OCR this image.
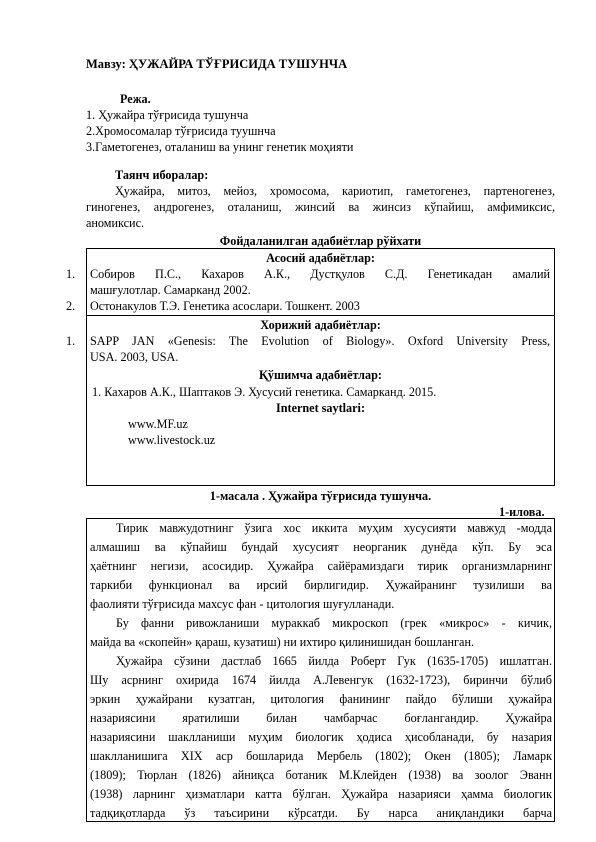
Мавзу: ҲУЖАЙРА ТЎҒРИСИДА ТУШУНЧА
Режа.
1. Ҳужайра тўғрисида тушунча
2.Хромосомалар тўғрисида туушнча
3.Гаметогенез, оталаниш ва унинг генетик моҳияти
Таянч иборалар:
Ҳужайра, митоз, мейоз, хромосома, кариотип, гаметогенез, партеногенез,
гиногенез, андрогенез, оталаниш, жинсий ва жинсиз кўпайиш, амфимиксис,
аномиксис.
Фойдаланилган адабиётлар рўйхати
Асосий адабиётлар:
1. Собиров П.С., Кахаров А.К., Дустқулов С.Д. Генетикадан амалий
машғулотлар. Самарканд 2002.
2. Остонакулов Т.Э. Генетика асослари. Тошкент. 2003
Хорижий адабиётлар:
1. SAPP JAN «Genesis: The Evolution of Biology». Oxford University Press,
USA. 2003, USA.
Қўшимча адабиётлар:
1. Кахаров А.К., Шаптаков Э. Хусусий генетика. Самарканд. 2015.
Internet saytlari:
www.MF.uz
www.livestock.uz
1-масала . Ҳужайра тўғрисида тушунча.
1-илова.
Тирик мавжудотнинг ўзига хос иккита муҳим хусусияти мавжуд -модда
алмашиш ва кўпайиш бундай хусусият неорганик дунёда кўп. Бу эса
ҳаётнинг негизи, асосидир. Ҳужайра сайёрамиздаги тирик организмларнинг
таркиби функционал ва ирсий бирлигидир. Ҳужайранинг тузилиши ва
фаолияти тўғрисида махсус фан - цитология шуғулланади.
Бу фанни ривожланиши мураккаб микроскоп (грек «микрос» - кичик,
майда ва «скопейн» қараш, кузатиш) ни ихтиро қилинишидан бошланган.
Ҳужайра сўзини дастлаб 1665 йилда Роберт Гук (1635-1705) ишлатган.
Шу асрнинг охирида 1674 йилда А.Левенгук (1632-1723), биринчи бўлиб
эркин ҳужайрани кузатган, цитология фанининг пайдо бўлиши ҳужайра
назариясини яратилиши билан чамбарчас боғлангандир. Ҳужайра
назариясини шаклланиши муҳим биологик ҳодиса ҳисобланади, бу назария
шаклланишига XIX аср бошларида Мербель (1802); Окен (1805); Ламарк
(1809); Тюрлан (1826) айниқса ботаник М.Клейден (1938) ва зоолог Эванн
(1938) ларнинг ҳизматлари катта бўлган. Ҳужайра назарияси ҳамма биологик
тадқиқотларда ўз таъсирини кўрсатди. Бу нарса аниқландики барча
